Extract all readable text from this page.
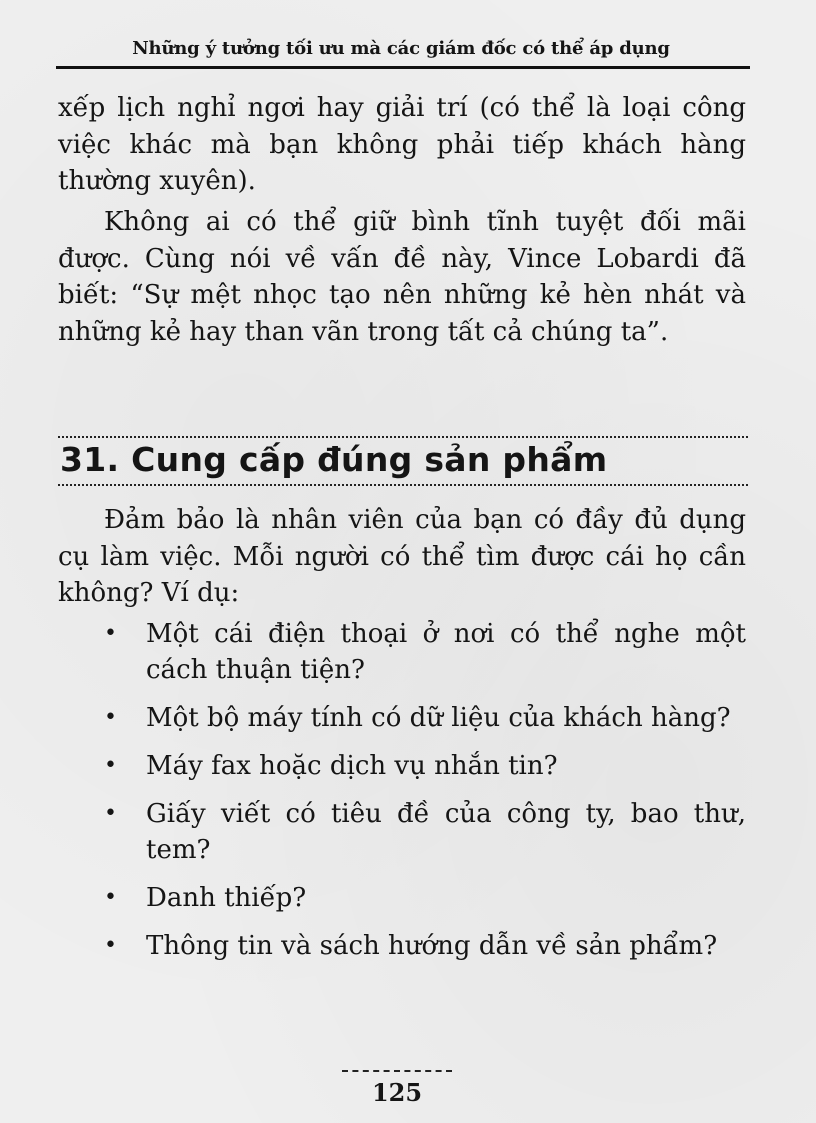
Những ý tưởng tối ưu mà các giám đốc có thể áp dụng
xếp lịch nghỉ ngơi hay giải trí (có thể là loại công việc khác mà bạn không phải tiếp khách hàng thường xuyên).
Không ai có thể giữ bình tĩnh tuyệt đối mãi được. Cùng nói về vấn đề này, Vince Lobardi đã biết: “Sự mệt nhọc tạo nên những kẻ hèn nhát và những kẻ hay than vãn trong tất cả chúng ta”.
31. Cung cấp đúng sản phẩm
Đảm bảo là nhân viên của bạn có đầy đủ dụng cụ làm việc. Mỗi người có thể tìm được cái họ cần không? Ví dụ:
• Một cái điện thoại ở nơi có thể nghe một cách thuận tiện?
• Một bộ máy tính có dữ liệu của khách hàng?
• Máy fax hoặc dịch vụ nhắn tin?
• Giấy viết có tiêu đề của công ty, bao thư, tem?
• Danh thiếp?
• Thông tin và sách hướng dẫn về sản phẩm?
125
